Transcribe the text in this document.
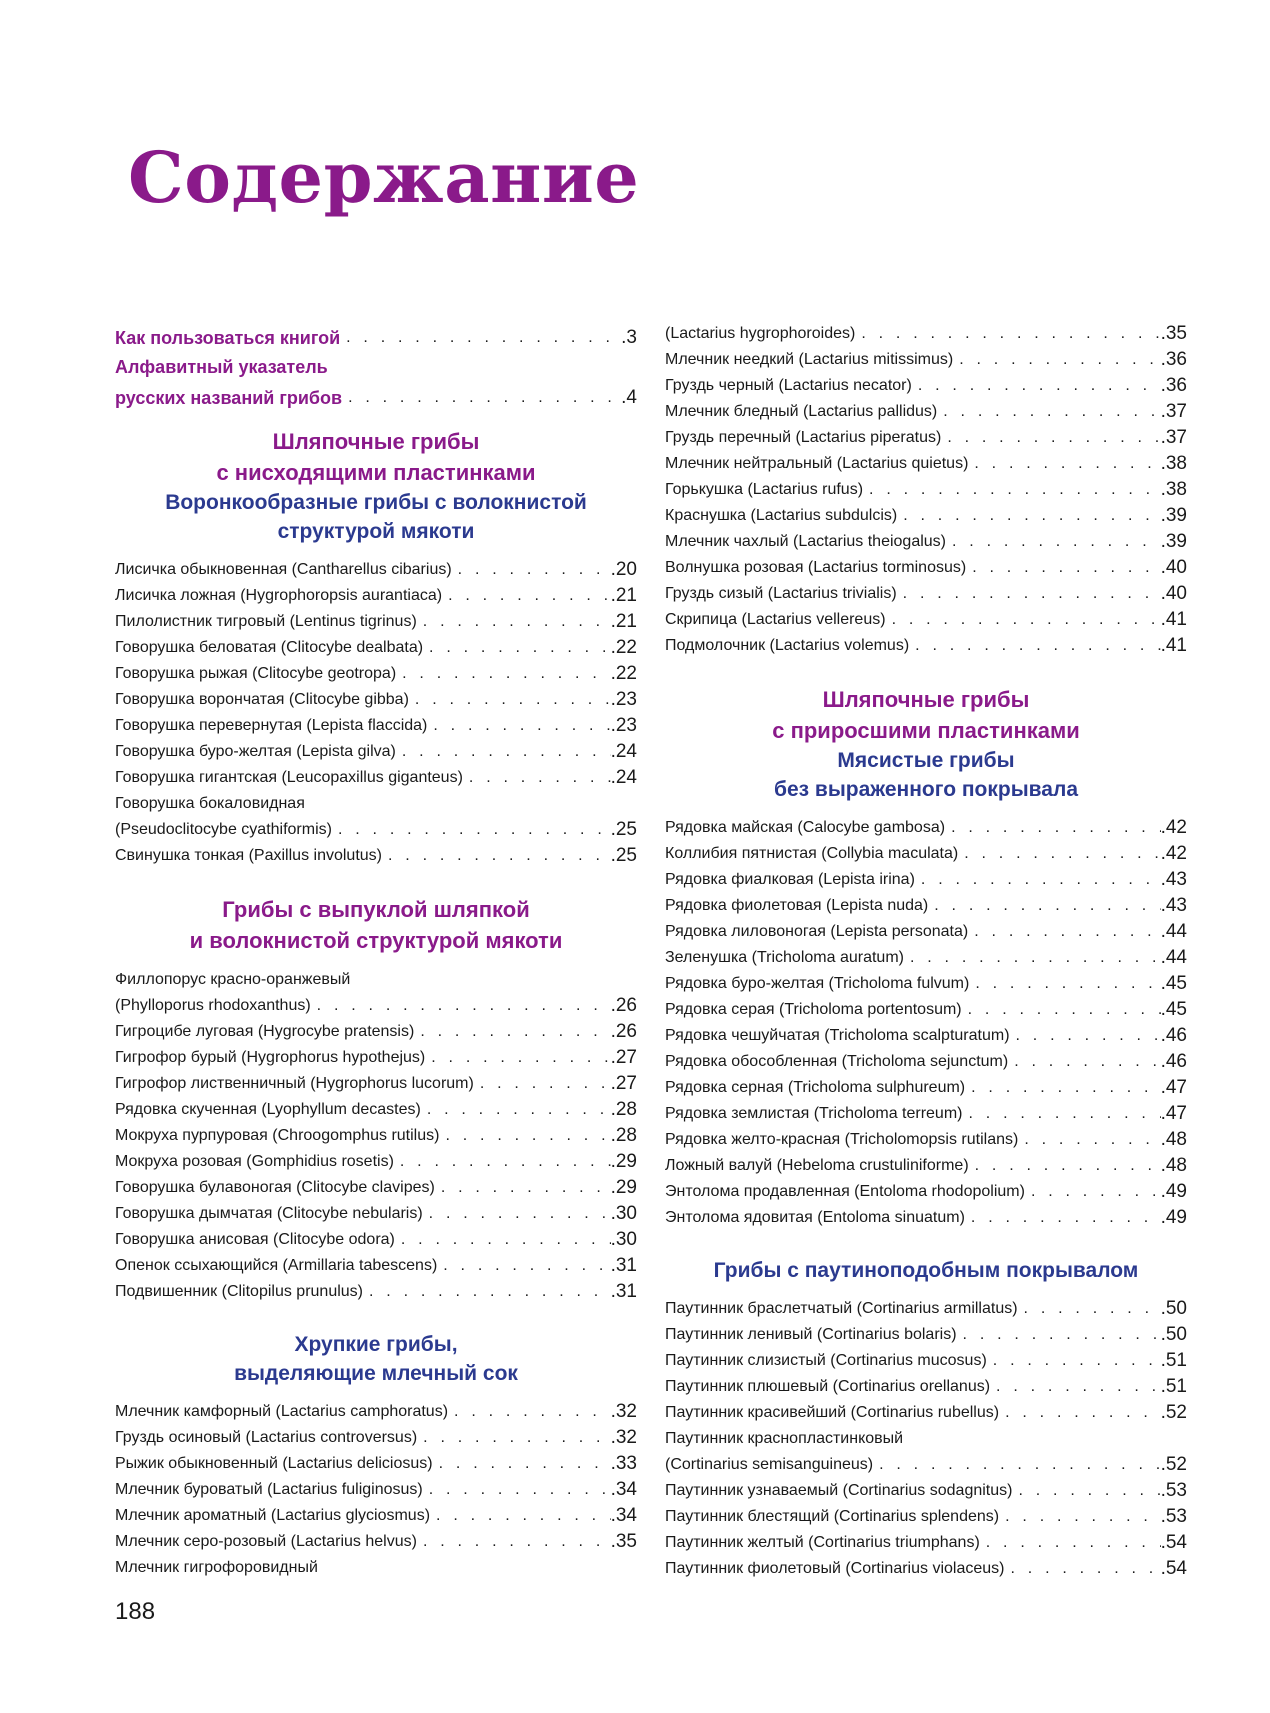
Содержание
Как пользоваться книгой . . .	.3
Алфавитный указатель
русских названий грибов . . .	.4
Шляпочные грибы
с нисходящими пластинками
Воронкообразные грибы с волокнистой
структурой мякоти
Лисичка обыкновенная (Cantharellus cibarius) . . .	.20
Лисичка ложная (Hygrophoropsis aurantiaca) . . .	.21
Пилолистник тигровый (Lentinus tigrinus) . . .	.21
Говорушка беловатая (Clitocybe dealbata) . . .	.22
Говорушка рыжая (Clitocybe geotropa) . . .	.22
Говорушка ворончатая (Clitocybe gibba) . . .	.23
Говорушка перевернутая (Lepista flaccida) . . .	.23
Говорушка буро-желтая (Lepista gilva) . . .	.24
Говорушка гигантская (Leucopaxillus giganteus) . . .	.24
Говорушка бокаловидная
(Pseudoclitocybe cyathiformis) . . .	.25
Свинушка тонкая (Paxillus involutus) . . .	.25
Грибы с выпуклой шляпкой
и волокнистой структурой мякоти
Филлопорус красно-оранжевый
(Phylloporus rhodoxanthus) . . .	.26
Гигроцибе луговая (Hygrocybe pratensis) . . .	.26
Гигрофор бурый (Hygrophorus hypothejus) . . .	.27
Гигрофор лиственничный (Hygrophorus lucorum) . . .	.27
Рядовка скученная (Lyophyllum decastes) . . .	.28
Мокруха пурпуровая (Chroogomphus rutilus) . . .	.28
Мокруха розовая (Gomphidius rosetis) . . .	.29
Говорушка булавоногая (Clitocybe clavipes) . . .	.29
Говорушка дымчатая (Clitocybe nebularis) . . .	.30
Говорушка анисовая (Clitocybe odora) . . .	.30
Опенок ссыхающийся (Armillaria tabescens) . . .	.31
Подвишенник (Clitopilus prunulus) . . .	.31
Хрупкие грибы,
выделяющие млечный сок
Млечник камфорный (Lactarius camphoratus) . . .	.32
Груздь осиновый (Lactarius controversus) . . .	.32
Рыжик обыкновенный (Lactarius deliciosus) . . .	.33
Млечник буроватый (Lactarius fuliginosus) . . .	.34
Млечник ароматный (Lactarius glyciosmus) . . .	.34
Млечник серо-розовый (Lactarius helvus) . . .	.35
Млечник гигрофоровидный
(Lactarius hygrophoroides) . . .	.35
Млечник неедкий (Lactarius mitissimus) . . .	.36
Груздь черный (Lactarius necator) . . .	.36
Млечник бледный (Lactarius pallidus) . . .	.37
Груздь перечный (Lactarius piperatus) . . .	.37
Млечник нейтральный (Lactarius quietus) . . .	.38
Горькушка (Lactarius rufus) . . .	.38
Краснушка (Lactarius subdulcis) . . .	.39
Млечник чахлый (Lactarius theiogalus) . . .	.39
Волнушка розовая (Lactarius torminosus) . . .	.40
Груздь сизый (Lactarius trivialis) . . .	.40
Скрипица (Lactarius vellereus) . . .	.41
Подмолочник (Lactarius volemus) . . .	.41
Шляпочные грибы
с приросшими пластинками
Мясистые грибы
без выраженного покрывала
Рядовка майская (Calocybe gambosa) . . .	.42
Коллибия пятнистая (Collybia maculata) . . .	.42
Рядовка фиалковая (Lepista irina) . . .	.43
Рядовка фиолетовая (Lepista nuda) . . .	.43
Рядовка лиловоногая (Lepista personata) . . .	.44
Зеленушка (Tricholoma auratum) . . .	.44
Рядовка буро-желтая (Tricholoma fulvum) . . .	.45
Рядовка серая (Tricholoma portentosum) . . .	.45
Рядовка чешуйчатая (Tricholoma scalpturatum) . . .	.46
Рядовка обособленная (Tricholoma sejunctum) . . .	.46
Рядовка серная (Tricholoma sulphureum) . . .	.47
Рядовка землистая (Tricholoma terreum) . . .	.47
Рядовка желто-красная (Tricholomopsis rutilans) . . .	.48
Ложный валуй (Hebeloma crustuliniforme) . . .	.48
Энтолома продавленная (Entoloma rhodopolium) . . .	.49
Энтолома ядовитая (Entoloma sinuatum) . . .	.49
Грибы с паутиноподобным покрывалом
Паутинник браслетчатый (Cortinarius armillatus) . . .	.50
Паутинник ленивый (Cortinarius bolaris) . . .	.50
Паутинник слизистый (Cortinarius mucosus) . . .	.51
Паутинник плюшевый (Cortinarius orellanus) . . .	.51
Паутинник красивейший (Cortinarius rubellus) . . .	.52
Паутинник краснопластинковый
(Cortinarius semisanguineus) . . .	.52
Паутинник узнаваемый (Cortinarius sodagnitus) . . .	.53
Паутинник блестящий (Cortinarius splendens) . . .	.53
Паутинник желтый (Cortinarius triumphans) . . .	.54
Паутинник фиолетовый (Cortinarius violaceus) . . .	.54
188
